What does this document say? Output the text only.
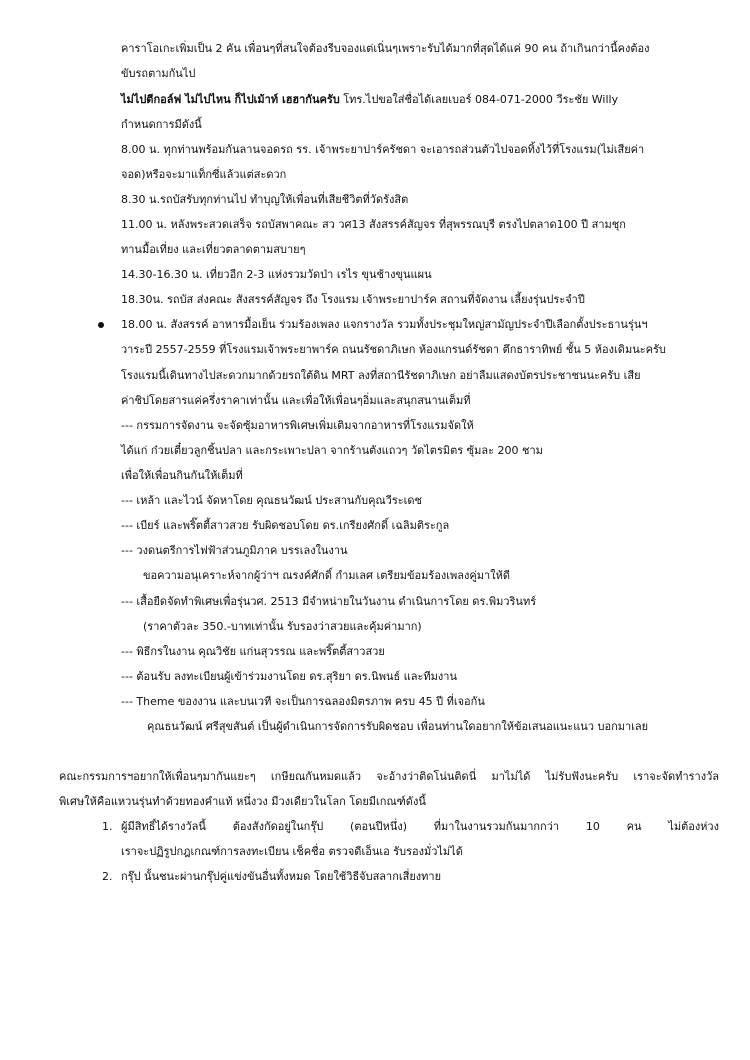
คาราโอเกะเพิ่มเป็น 2 คัน เพื่อนๆที่สนใจต้องรีบจองแต่เนิ่นๆเพราะรับได้มากที่สุดได้แค่ 90 คน ถ้าเกินกว่านี้คงต้อง
ขับรถตามกันไป
ไม่ไปตีกอล์ฟ ไม่ไปไหน ก็ไปเม้าท์ เฮฮากันครับ โทร.ไปขอใส่ชื่อได้เลยเบอร์ 084-071-2000 วีระชัย Willy
กำหนดการมีดังนี้
8.00 น. ทุกท่านพร้อมกันลานจอดรถ รร. เจ้าพระยาปาร์ครัชดา จะเอารถส่วนตัวไปจอดทิ้งไว้ที่โรงแรม(ไม่เสียค่า
จอด)หรือจะมาแท็กซี่แล้วแต่สะดวก
8.30 น.รถบัสรับทุกท่านไป ทำบุญให้เพื่อนที่เสียชีวิตที่วัดรังสิต
11.00 น. หลังพระสวดเสร็จ รถบัสพาคณะ สว วศ13 สังสรรค์สัญจร ที่สุพรรณบุรี ตรงไปตลาด100 ปี สามชุก
ทานมื้อเที่ยง และเที่ยวตลาดตามสบายๆ
14.30-16.30 น. เที่ยวอีก 2-3 แห่งรวมวัดป่า เรไร ขุนช้างขุนแผน
18.30น. รถบัส ส่งคณะ สังสรรค์สัญจร ถึง โรงแรม เจ้าพระยาปาร์ค สถานที่จัดงาน เลี้ยงรุ่นประจำปี
18.00 น. สังสรรค์ อาหารมื้อเย็น ร่วมร้องเพลง แจกรางวัล รวมทั้งประชุมใหญ่สามัญประจำปีเลือกตั้งประธานรุ่นฯ
วาระปี 2557-2559 ที่โรงแรมเจ้าพระยาพาร์ค ถนนรัชดาภิเษก ห้องแกรนด์รัชดา ตึกธาราทิพย์ ชั้น 5 ห้องเดิมนะครับ
โรงแรมนี้เดินทางไปสะดวกมากด้วยรถใต้ดิน MRT ลงที่สถานีรัชดาภิเษก อย่าลืมแสดงบัตรประชาชนนะครับ เสีย
ค่าชิปโดยสารแค่ครึ่งราคาเท่านั้น และเพื่อให้เพื่อนๆอิ่มและสนุกสนานเต็มที่
--- กรรมการจัดงาน จะจัดซุ้มอาหารพิเศษเพิ่มเติมจากอาหารที่โรงแรมจัดให้
ได้แก่ ก๋วยเตี๋ยวลูกชิ้นปลา และกระเพาะปลา จากร้านตังแถวๆ วัดไตรมิตร ซุ้มละ 200 ชาม
เพื่อให้เพื่อนกินกันให้เต็มที่
--- เหล้า และไวน์ จัดหาโดย คุณธนวัฒน์ ประสานกับคุณวีระเดช
--- เบียร์ และพริ๊ตตี้สาวสวย รับผิดชอบโดย ดร.เกรียงศักดิ์ เฉลิมติระกูล
--- วงดนตรีการไฟฟ้าส่วนภูมิภาค บรรเลงในงาน
ขอความอนุเคราะห์จากผู้ว่าฯ ณรงค์ศักดิ์ กำมเลศ เตรียมข้อมร้องเพลงคู่มาให้ดี
--- เสื้อยืดจัดทำพิเศษเพื่อรุ่นวศ. 2513 มีจำหน่ายในวันงาน ดำเนินการโดย ดร.พิมวรินทร์
(ราคาตัวละ 350.-บาทเท่านั้น รับรองว่าสวยและคุ้มค่ามาก)
--- พิธีกรในงาน คุณวิชัย แก่นสุวรรณ และพริ๊ตตี้สาวสวย
--- ต้อนรับ ลงทะเบียนผู้เข้าร่วมงานโดย ดร.สุริยา ดร.นิพนธ์ และทีมงาน
--- Theme ของงาน และบนเวที จะเป็นการฉลองมิตรภาพ ครบ 45 ปี ที่เจอกัน
คุณธนวัฒน์ ศรีสุขสันต์ เป็นผู้ดำเนินการจัดการรับผิดชอบ เพื่อนท่านใดอยากให้ข้อเสนอแนะแนว บอกมาเลย
คณะกรรมการฯอยากให้เพื่อนๆมากันแยะๆ เกษียณกันหมดแล้ว จะอ้างว่าติดโน่นติดนี่ มาไม่ได้ ไม่รับฟังนะครับ เราจะจัดทำรางวัล
พิเศษให้คือแหวนรุ่นทำด้วยทองคำแท้ หนึ่งวง มีวงเดียวในโลก โดยมีเกณฑ์ดังนี้
1. ผู้มีสิทธิ์ได้รางวัลนี้ ต้องสังกัดอยู่ในกรุ๊ป (ตอนปีหนึ่ง) ที่มาในงานรวมกันมากกว่า 10 คน ไม่ต้องห่วง
เราจะปฏิรูปกฎเกณฑ์การลงทะเบียน เช็คชื่อ ตรวจดีเอ็นเอ รับรองมั่วไม่ได้
2. กรุ๊ป นั้นชนะผ่านกรุ๊ปคู่แข่งขันอื่นทั้งหมด โดยใช้วิธีจับสลากเสี่ยงทาย
